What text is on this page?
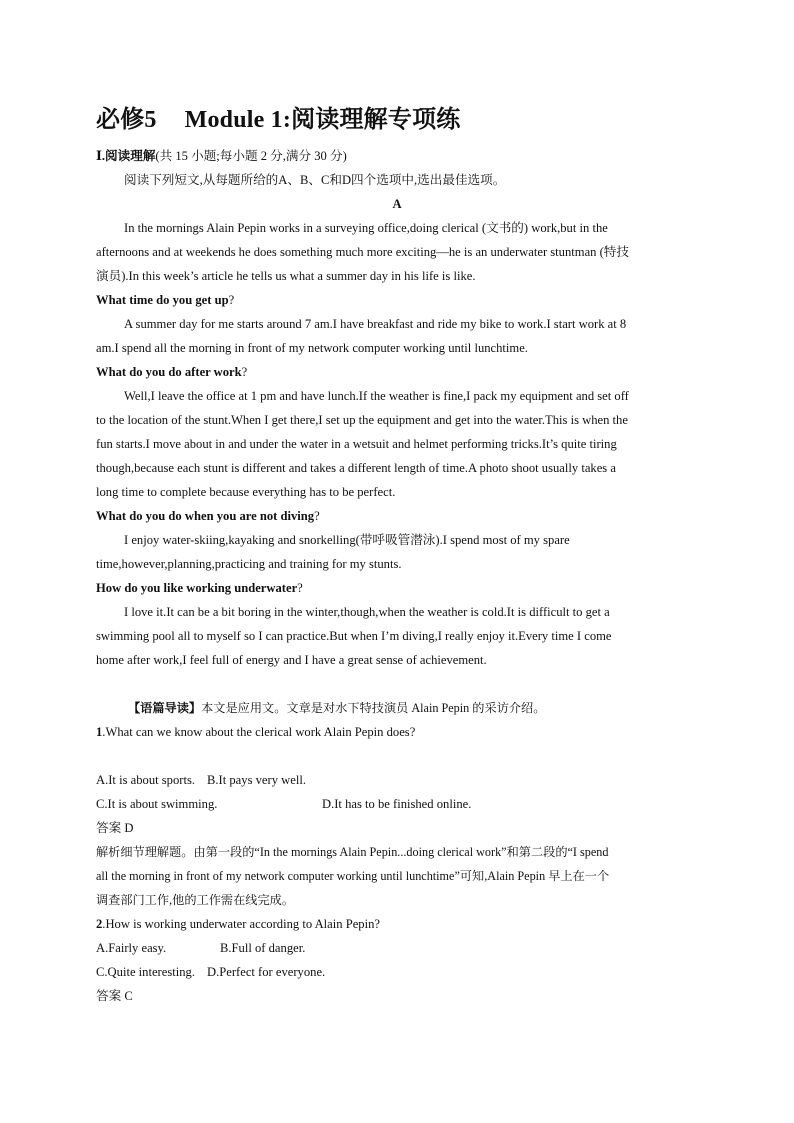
必修5 Module 1:阅读理解专项练
Ⅰ.阅读理解(共 15 小题;每小题 2 分,满分 30 分)
阅读下列短文,从每题所给的A、B、C和D四个选项中,选出最佳选项。
A
In the mornings Alain Pepin works in a surveying office,doing clerical (文书的) work,but in the
afternoons and at weekends he does something much more exciting—he is an underwater stuntman (特技
演员).In this week’s article he tells us what a summer day in his life is like.
What time do you get up?
A summer day for me starts around 7 am.I have breakfast and ride my bike to work.I start work at 8
am.I spend all the morning in front of my network computer working until lunchtime.
What do you do after work?
Well,I leave the office at 1 pm and have lunch.If the weather is fine,I pack my equipment and set off
to the location of the stunt.When I get there,I set up the equipment and get into the water.This is when the
fun starts.I move about in and under the water in a wetsuit and helmet performing tricks.It’s quite tiring
though,because each stunt is different and takes a different length of time.A photo shoot usually takes a
long time to complete because everything has to be perfect.
What do you do when you are not diving?
I enjoy water-skiing,kayaking and snorkelling(带呼吸管潜泳).I spend most of my spare
time,however,planning,practicing and training for my stunts.
How do you like working underwater?
I love it.It can be a bit boring in the winter,though,when the weather is cold.It is difficult to get a
swimming pool all to myself so I can practice.But when I’m diving,I really enjoy it.Every time I come
home after work,I feel full of energy and I have a great sense of achievement.
【语篇导读】本文是应用文。文章是对水下特技演员 Alain Pepin 的采访介绍。
1.What can we know about the clerical work Alain Pepin does?
A.It is about sports. B.It pays very well.
C.It is about swimming.	D.It has to be finished online.
答案 D
解析细节理解题。由第一段的“In the mornings Alain Pepin...doing clerical work”和第二段的“I spend
all the morning in front of my network computer working until lunchtime”可知,Alain Pepin 早上在一个
调查部门工作,他的工作需在线完成。
2.How is working underwater according to Alain Pepin?
A.Fairly easy.	B.Full of danger.
C.Quite interesting. D.Perfect for everyone.
答案 C
